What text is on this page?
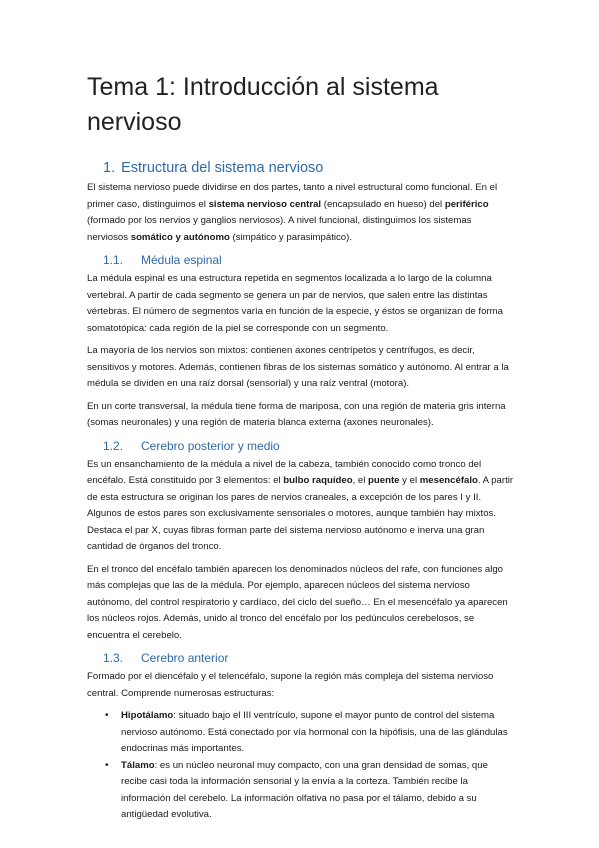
Tema 1: Introducción al sistema nervioso
1. Estructura del sistema nervioso

El sistema nervioso puede dividirse en dos partes, tanto a nivel estructural como funcional. En el primer caso, distinguimos el sistema nervioso central (encapsulado en hueso) del periférico (formado por los nervios y ganglios nerviosos). A nivel funcional, distinguimos los sistemas nerviosos somático y autónomo (simpático y parasimpático).

1.1. Médula espinal

La médula espinal es una estructura repetida en segmentos localizada a lo largo de la columna vertebral. A partir de cada segmento se genera un par de nervios, que salen entre las distintas vértebras. El número de segmentos varía en función de la especie, y éstos se organizan de forma somatotópica: cada región de la piel se corresponde con un segmento.

La mayoría de los nervios son mixtos: contienen axones centrípetos y centrífugos, es decir, sensitivos y motores. Además, contienen fibras de los sistemas somático y autónomo. Al entrar a la médula se dividen en una raíz dorsal (sensorial) y una raíz ventral (motora).

En un corte transversal, la médula tiene forma de mariposa, con una región de materia gris interna (somas neuronales) y una región de materia blanca externa (axones neuronales).

1.2. Cerebro posterior y medio

Es un ensanchamiento de la médula a nivel de la cabeza, también conocido como tronco del encéfalo. Está constituido por 3 elementos: el bulbo raquídeo, el puente y el mesencéfalo. A partir de esta estructura se originan los pares de nervios craneales, a excepción de los pares I y II. Algunos de estos pares son exclusivamente sensoriales o motores, aunque también hay mixtos. Destaca el par X, cuyas fibras forman parte del sistema nervioso autónomo e inerva una gran cantidad de órganos del tronco.

En el tronco del encéfalo también aparecen los denominados núcleos del rafe, con funciones algo más complejas que las de la médula. Por ejemplo, aparecen núcleos del sistema nervioso autónomo, del control respiratorio y cardíaco, del ciclo del sueño… En el mesencéfalo ya aparecen los núcleos rojos. Además, unido al tronco del encéfalo por los pedúnculos cerebelosos, se encuentra el cerebelo.

1.3. Cerebro anterior

Formado por el diencéfalo y el telencéfalo, supone la región más compleja del sistema nervioso central. Comprende numerosas estructuras:

• Hipotálamo: situado bajo el III ventrículo, supone el mayor punto de control del sistema nervioso autónomo. Está conectado por vía hormonal con la hipófisis, una de las glándulas endocrinas más importantes.
• Tálamo: es un núcleo neuronal muy compacto, con una gran densidad de somas, que recibe casi toda la información sensorial y la envía a la corteza. También recibe la información del cerebelo. La información olfativa no pasa por el tálamo, debido a su antigüedad evolutiva.
